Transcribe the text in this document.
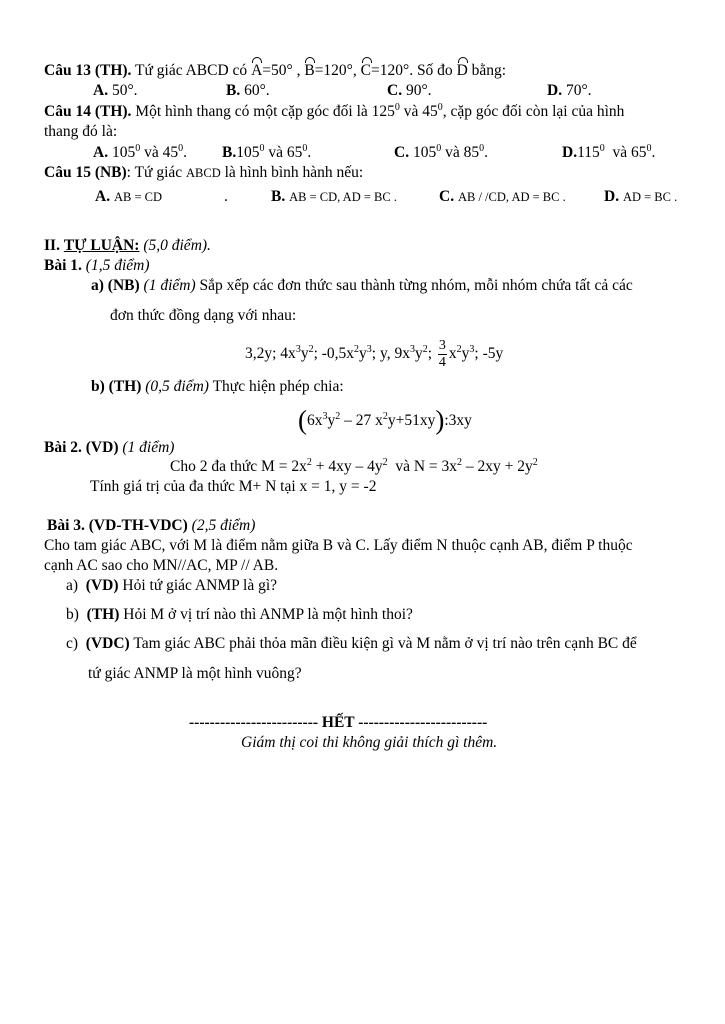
Câu 13 (TH). Tứ giác ABCD có A=50° , B=120°, C=120°. Số đo D bằng:
A. 50°.	B. 60°.	C. 90°.	D. 70°.
Câu 14 (TH). Một hình thang có một cặp góc đối là $125^0$ và $45^0$, cặp góc đối còn lại của hình
thang đó là:
A. $105^0$ và $45^0$. B.105$^0$ và $65^0$.	C. $105^0$ và $85^0$.	D.115$^0$ và $65^0$.
Câu 15 (NB): Tứ giác ABCD là hình bình hành nếu:
A. AB = CD	.	B. AB = CD, AD = BC .	C. AB / /CD, AD = BC . D. AD = BC .
II. TỰ LUẬN: (5,0 điểm).
Bài 1. (1,5 điểm)
a) (NB) (1 điểm) Sắp xếp các đơn thức sau thành từng nhóm, mỗi nhóm chứa tất cả các
đơn thức đồng dạng với nhau:
3,2y; $4x^3y^2$; $-0,5x^2y^3$; y, $9x^3y^2$; $\frac{3}{4} x^2y^3$; -5y
b) (TH) (0,5 điểm) Thực hiện phép chia:
($6x^3y^2 - 27$ $x^2y+51xy):3xy$
Bài 2. (VD) (1 điểm)
Cho 2 đa thức $M = 2x^2 + 4xy - 4y^2$ và $N = 3x^2 - 2xy + 2y^2$
Tính giá trị của đa thức M+ N tại x = 1, y = -2
Bài 3. (VD-TH-VDC) (2,5 điểm)
Cho tam giác ABC, với M là điểm nằm giữa B và C. Lấy điểm N thuộc cạnh AB, điểm P thuộc
cạnh AC sao cho MN//AC, MP // AB.
a) (VD) Hỏi tứ giác ANMP là gì?
b) (TH) Hỏi M ở vị trí nào thì ANMP là một hình thoi?
c) (VDC) Tam giác ABC phải thỏa mãn điều kiện gì và M nằm ở vị trí nào trên cạnh BC để
tứ giác ANMP là một hình vuông?
------------------------- HẾT -------------------------
Giám thị coi thi không giải thích gì thêm.
